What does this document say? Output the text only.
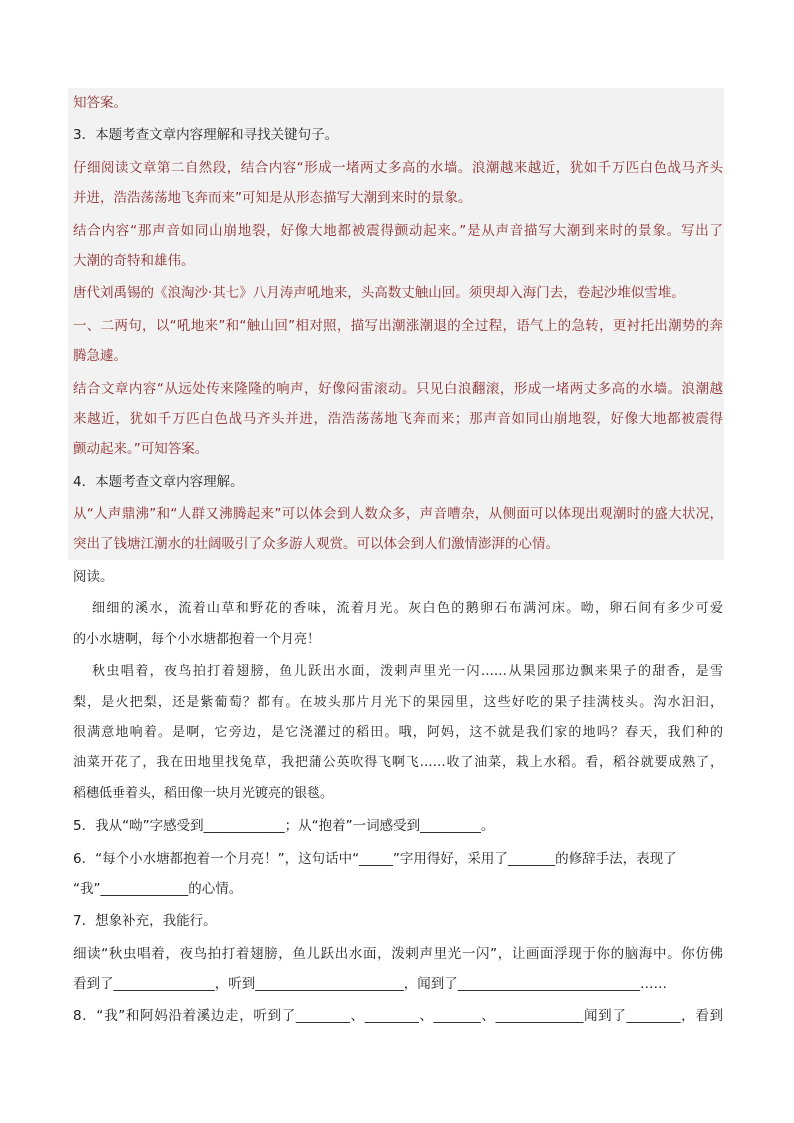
知答案。
3．本题考查文章内容理解和寻找关键句子。
仔细阅读文章第二自然段，结合内容“形成一堵两丈多高的水墙。浪潮越来越近，犹如千万匹白色战马齐头
并进，浩浩荡荡地飞奔而来”可知是从形态描写大潮到来时的景象。
结合内容“那声音如同山崩地裂，好像大地都被震得颤动起来。”是从声音描写大潮到来时的景象。写出了
大潮的奇特和雄伟。
唐代刘禹锡的《浪淘沙·其七》八月涛声吼地来，头高数丈触山回。须臾却入海门去，卷起沙堆似雪堆。
一、二两句，以“吼地来”和“触山回”相对照，描写出潮涨潮退的全过程，语气上的急转，更衬托出潮势的奔
腾急遽。
结合文章内容“从远处传来隆隆的响声，好像闷雷滚动。只见白浪翻滚，形成一堵两丈多高的水墙。浪潮越
来越近，犹如千万匹白色战马齐头并进，浩浩荡荡地飞奔而来；那声音如同山崩地裂，好像大地都被震得
颤动起来。”可知答案。
4．本题考查文章内容理解。
从“人声鼎沸”和“人群又沸腾起来”可以体会到人数众多，声音嘈杂，从侧面可以体现出观潮时的盛大状况，
突出了钱塘江潮水的壮阔吸引了众多游人观赏。可以体会到人们激情澎湃的心情。
阅读。
细细的溪水，流着山草和野花的香味，流着月光。灰白色的鹅卵石布满河床。呦，卵石间有多少可爱
的小水塘啊，每个小水塘都抱着一个月亮！
秋虫唱着，夜鸟拍打着翅膀，鱼儿跃出水面，泼剌声里光一闪……从果园那边飘来果子的甜香，是雪
梨，是火把梨，还是紫葡萄？都有。在坡头那片月光下的果园里，这些好吃的果子挂满枝头。沟水汩汩，
很满意地响着。是啊，它旁边，是它浇灌过的稻田。哦，阿妈，这不就是我们家的地吗？春天，我们种的
油菜开花了，我在田地里找兔草，我把蒲公英吹得飞啊飞……收了油菜，栽上水稻。看，稻谷就要成熟了，
稻穗低垂着头，稻田像一块月光镀亮的银毯。
5．我从“呦”字感受到____________；从“抱着”一词感受到_________。
6．“每个小水塘都抱着一个月亮！”，这句话中“_____”字用得好，采用了_______的修辞手法，表现了
“我”_____________的心情。
7．想象补充，我能行。
细读“秋虫唱着，夜鸟拍打着翅膀，鱼儿跃出水面，泼剌声里光一闪”，让画面浮现于你的脑海中。你仿佛
看到了_______________，听到______________________，闻到了___________________________……
8．“我”和阿妈沿着溪边走，听到了________、________、_______、_____________闻到了________，看到
